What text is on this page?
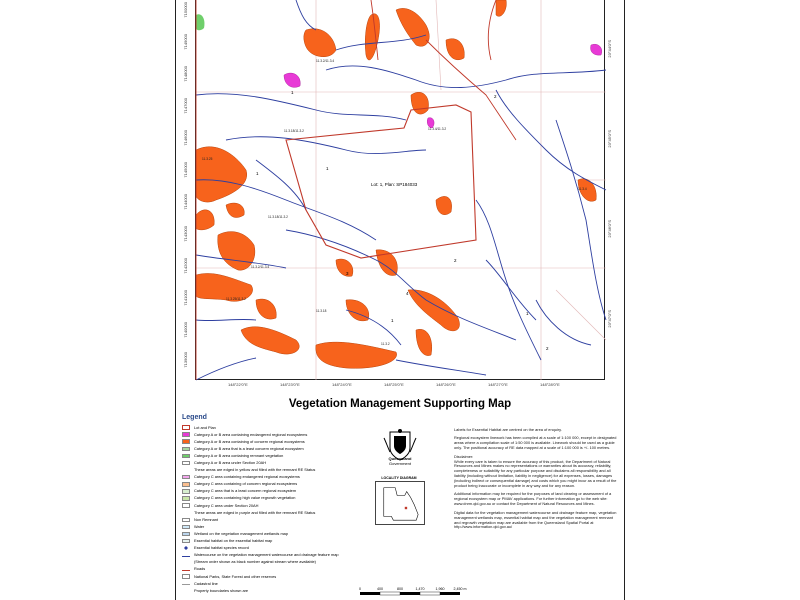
Lot: 1, Plan: SP184033
11.3.2/11.3.4
11.3.18/11.3.2
11.3.25
11.3.18/11.3.2
11.3.4/11.3.2
11.3.2/11.3.4
11.3.18
11.3.2
11.3.25/11.3.2
11.3.4
1
2
1
1
3
2
1
2
4
1
7150000
7149000
7148000
7147000
7146000
7145000
7144000
7143000
7142000
7141000
7140000
7139000
148°22'0"E	148°23'0"E	148°24'0"E	148°25'0"E	148°26'0"E	148°27'0"E	148°28'0"E
23°44'0"S
23°45'0"S
23°46'0"S
23°47'0"S
Vegetation Management Supporting Map
Legend
Lot and Plan
Category A or B area containing endangered regional ecosystems
Category A or B area containing of concern regional ecosystems
Category A or B area that is a least concern regional ecosystem
Category A or B area containing remnant vegetation
Category A or B area under Section 20AH
These areas are edged in yellow and filled with the remnant RE Status
Category C area containing endangered regional ecosystems
Category C area containing of concern regional ecosystems
Category C area that is a least concern regional ecosystem
Category C area containing high value regrowth vegetation
Category C area under Section 20AH
These areas are edged in purple and filled with the remnant RE Status
Non Remnant
Water
Wetland on the vegetation management wetlands map
Essential habitat on the essential habitat map
Essential habitat species record
Watercourse on the vegetation management watercourse and drainage feature map
(Stream order shown as black number against stream where available)
Roads
National Parks, State Forest and other reserves
Cadastral line
Property boundaries shown are
Queensland
Government
LOCALITY DIAGRAM

Labels for Essential Habitat are centred on the area of enquiry.

Regional ecosystem linework has been compiled at a scale of 1:100 000, except in designated areas where a compilation scale of 1:50 000 is available. Linework should be used as a guide only. The positional accuracy of RE data mapped at a scale of 1:100 000 is +/- 100 metres.

Disclaimer:

While every care is taken to ensure the accuracy of this product, the Department of Natural Resources and Mines makes no representations or warranties about its accuracy, reliability, completeness or suitability for any particular purpose and disclaims all responsibility and all liability (including without limitation, liability in negligence) for all expenses, losses, damages (including indirect or consequential damage) and costs which you might incur as a result of the product being inaccurate or incomplete in any way and for any reason.

Additional information may be required for the purposes of land clearing or assessment of a regional ecosystem map or PMAV applications. For further information go to the web site: www.dnrm.qld.gov.au or contact the Department of Natural Resources and Mines.

Digital data for the vegetation management watercourse and drainage feature map, vegetation management wetlands map, essential habitat map and the vegetation management remnant and regrowth vegetation map are available from the Queensland Spatial Portal at http://www.information.qld.gov.au/

0	400	800	1,470	1,960	2,450 m
